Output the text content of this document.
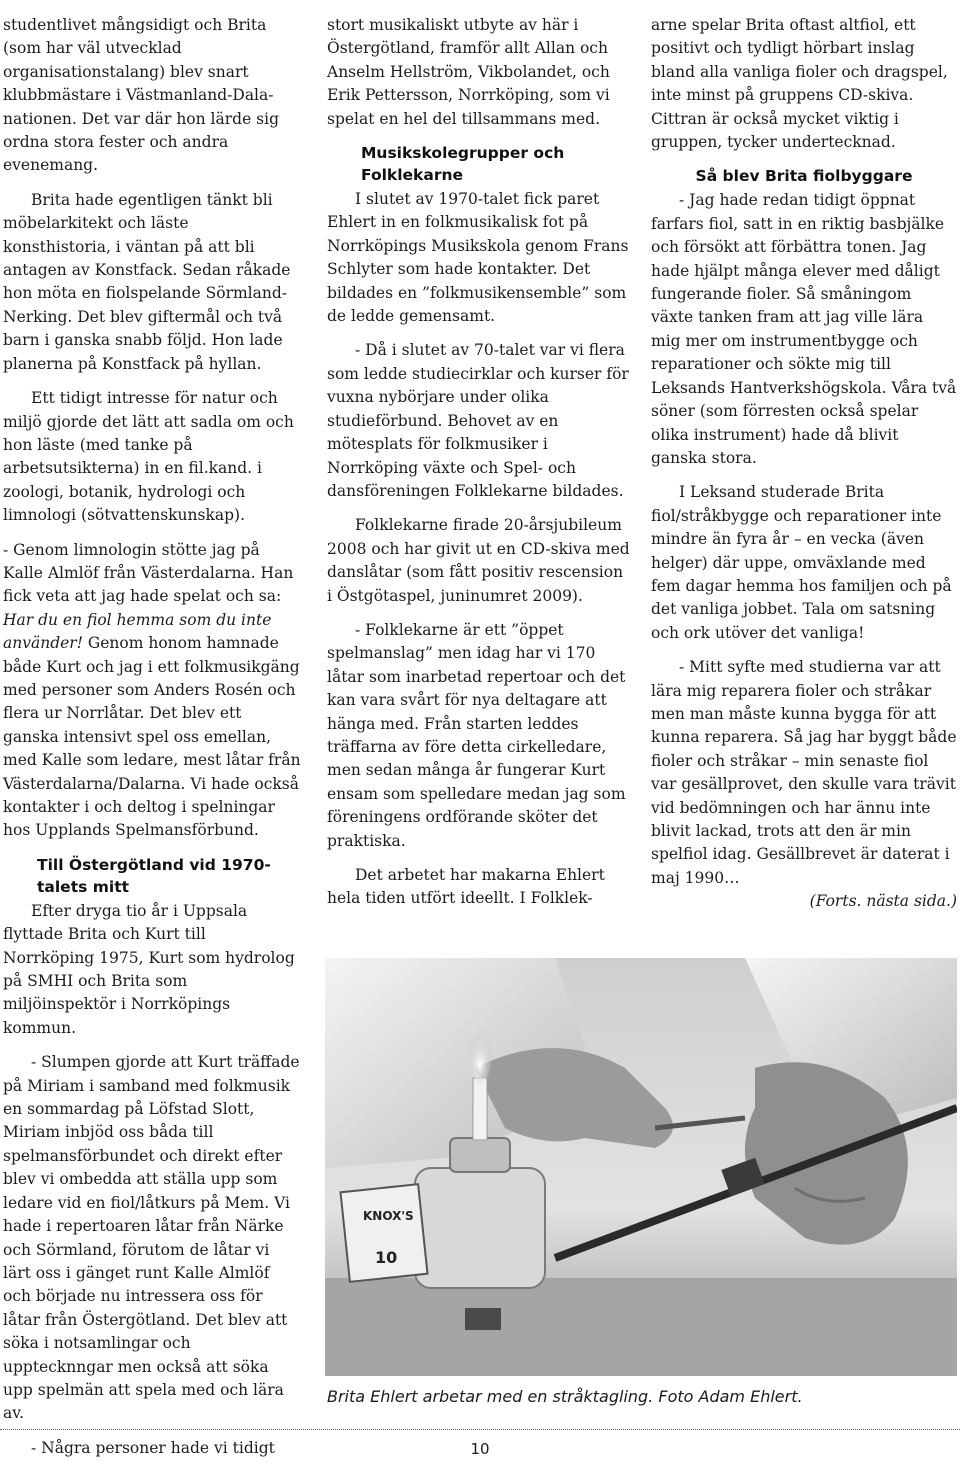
studentlivet mångsidigt och Brita (som har väl utvecklad organisationstalang) blev snart klubbmästare i Västmanland-Dala-nationen. Det var där hon lärde sig ordna stora fester och andra evenemang.

Brita hade egentligen tänkt bli möbelarkitekt och läste konsthistoria, i väntan på att bli antagen av Konstfack. Sedan råkade hon möta en fiolspelande Sörmland-Nerking. Det blev giftermål och två barn i ganska snabb följd. Hon lade planerna på Konstfack på hyllan.

Ett tidigt intresse för natur och miljö gjorde det lätt att sadla om och hon läste (med tanke på arbetsutsikterna) in en fil.kand. i zoologi, botanik, hydrologi och limnologi (sötvattenskunskap).

- Genom limnologin stötte jag på Kalle Almlöf från Västerdalarna. Han fick veta att jag hade spelat och sa: Har du en fiol hemma som du inte använder! Genom honom hamnade både Kurt och jag i ett folkmusikgäng med personer som Anders Rosén och flera ur Norrlåtar. Det blev ett ganska intensivt spel oss emellan, med Kalle som ledare, mest låtar från Västerdalarna/Dalarna. Vi hade också kontakter i och deltog i spelningar hos Upplands Spelmansförbund.

Till Östergötland vid 1970-talets mitt

Efter dryga tio år i Uppsala flyttade Brita och Kurt till Norrköping 1975, Kurt som hydrolog på SMHI och Brita som miljöinspektör i Norrköpings kommun.

- Slumpen gjorde att Kurt träffade på Miriam i samband med folkmusik en sommardag på Löfstad Slott, Miriam inbjöd oss båda till spelmansförbundet och direkt efter blev vi ombedda att ställa upp som ledare vid en fiol/låtkurs på Mem. Vi hade i repertoaren låtar från Närke och Sörmland, förutom de låtar vi lärt oss i gänget runt Kalle Almlöf och började nu intressera oss för låtar från Östergötland. Det blev att söka i notsamlingar och upptecknngar men också att söka upp spelmän att spela med och lära av.

- Några personer hade vi tidigt

stort musikaliskt utbyte av här i Östergötland, framför allt Allan och Anselm Hellström, Vikbolandet, och Erik Pettersson, Norrköping, som vi spelat en hel del tillsammans med.

Musikskolegrupper och Folklekarne

I slutet av 1970-talet fick paret Ehlert in en folkmusikalisk fot på Norrköpings Musikskola genom Frans Schlyter som hade kontakter. Det bildades en ”folkmusikensemble” som de ledde gemensamt.

- Då i slutet av 70-talet var vi flera som ledde studiecirklar och kurser för vuxna nybörjare under olika studieförbund. Behovet av en mötesplats för folkmusiker i Norrköping växte och Spel- och dansföreningen Folklekarne bildades.

Folklekarne firade 20-årsjubileum 2008 och har givit ut en CD-skiva med danslåtar (som fått positiv rescension i Östgötaspel, juninumret 2009).

- Folklekarne är ett ”öppet spelmanslag” men idag har vi 170 låtar som inarbetad repertoar och det kan vara svårt för nya deltagare att hänga med. Från starten leddes träffarna av före detta cirkelledare, men sedan många år fungerar Kurt ensam som spelledare medan jag som föreningens ordförande sköter det praktiska.

Det arbetet har makarna Ehlert hela tiden utfört ideellt. I Folklek-

arne spelar Brita oftast altfiol, ett positivt och tydligt hörbart inslag bland alla vanliga fioler och dragspel, inte minst på gruppens CD-skiva. Cittran är också mycket viktig i gruppen, tycker undertecknad.

Så blev Brita fiolbyggare

- Jag hade redan tidigt öppnat farfars fiol, satt in en riktig basbjälke och försökt att förbättra tonen. Jag hade hjälpt många elever med dåligt fungerande fioler. Så småningom växte tanken fram att jag ville lära mig mer om instrumentbygge och reparationer och sökte mig till Leksands Hantverkshögskola. Våra två söner (som förresten också spelar olika instrument) hade då blivit ganska stora.

I Leksand studerade Brita fiol/stråkbygge och reparationer inte mindre än fyra år – en vecka (även helger) där uppe, omväxlande med fem dagar hemma hos familjen och på det vanliga jobbet. Tala om satsning och ork utöver det vanliga!

- Mitt syfte med studierna var att lära mig reparera fioler och stråkar men man måste kunna bygga för att kunna reparera. Så jag har byggt både fioler och stråkar – min senaste fiol var gesällprovet, den skulle vara trävit vid bedömningen och har ännu inte blivit lackad, trots att den är min spelfiol idag. Gesällbrevet är daterat i maj 1990…

(Forts. nästa sida.)

KNOX'S
10
Brita Ehlert arbetar med en stråktagling. Foto Adam Ehlert.
10
